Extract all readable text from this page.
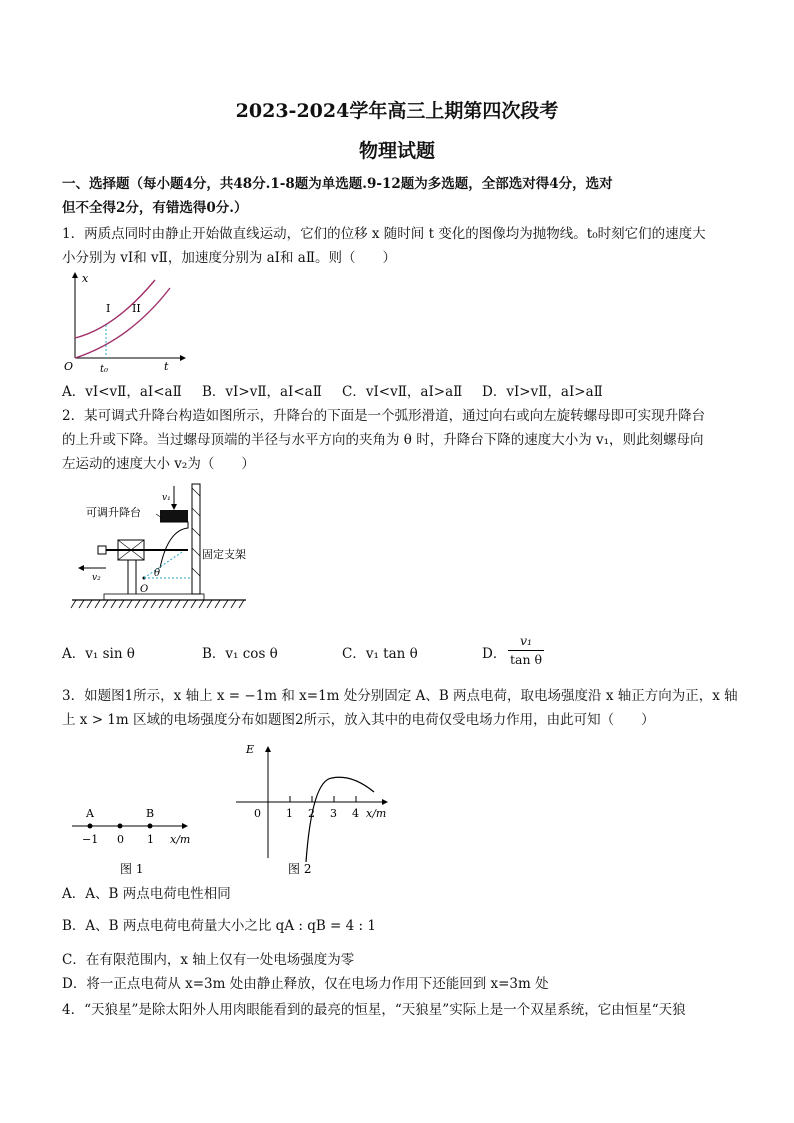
2023-2024学年高三上期第四次段考
物理试题
一、选择题（每小题4分，共48分.1-8题为单选题.9-12题为多选题，全部选对得4分，选对
但不全得2分，有错选得0分.）
1．两质点同时由静止开始做直线运动，它们的位移 x 随时间 t 变化的图像均为抛物线。t₀时刻它们的速度大
小分别为 vⅠ和 vⅡ，加速度分别为 aⅠ和 aⅡ。则（　　）
x
t
O	t₀
I II
A．vⅠ<vⅡ，aⅠ<aⅡ B．vⅠ>vⅡ，aⅠ<aⅡ C．vⅠ<vⅡ，aⅠ>aⅡ D．vⅠ>vⅡ，aⅠ>aⅡ
2．某可调式升降台构造如图所示，升降台的下面是一个弧形滑道，通过向右或向左旋转螺母即可实现升降台
的上升或下降。当过螺母顶端的半径与水平方向的夹角为 θ 时，升降台下降的速度大小为 v₁，则此刻螺母向
左运动的速度大小 v₂为（　　）
v₁
v₂
O
θ
可调升降台
固定支架
A．v₁ sin θ	B．v₁ cos θ	C．v₁ tan θ	D． $\frac{\text{v₁}}{\text{tan θ}}$
3．如题图1所示，x 轴上 x = −1m 和 x=1m 处分别固定 A、B 两点电荷，取电场强度沿 x 轴正方向为正，x 轴
上 x > 1m 区域的电场强度分布如题图2所示，放入其中的电荷仅受电场力作用，由此可知（　　）
A	B
−1 0 1 x/m
图 1
E
0 1 2 3 4 x/m
图 2
A．A、B 两点电荷电性相同
B．A、B 两点电荷电荷量大小之比 qA : qB = 4 : 1
C．在有限范围内，x 轴上仅有一处电场强度为零
D．将一正点电荷从 x=3m 处由静止释放，仅在电场力作用下还能回到 x=3m 处
4．“天狼星”是除太阳外人用肉眼能看到的最亮的恒星，“天狼星”实际上是一个双星系统，它由恒星“天狼
